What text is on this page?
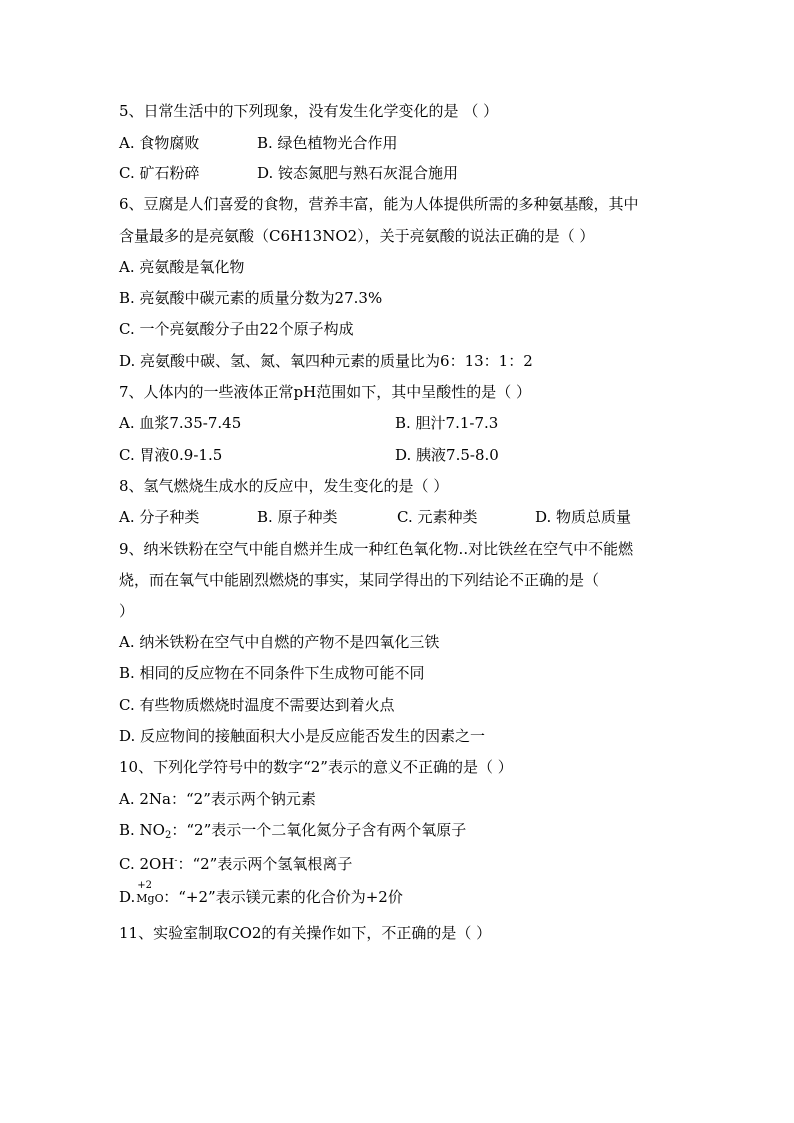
5、日常生活中的下列现象，没有发生化学变化的是 （ ）
A. 食物腐败	B. 绿色植物光合作用
C. 矿石粉碎	D. 铵态氮肥与熟石灰混合施用
6、豆腐是人们喜爱的食物，营养丰富，能为人体提供所需的多种氨基酸，其中
含量最多的是亮氨酸（C6H13NO2），关于亮氨酸的说法正确的是（ ）
A. 亮氨酸是氧化物
B. 亮氨酸中碳元素的质量分数为27.3%
C. 一个亮氨酸分子由22个原子构成
D. 亮氨酸中碳、氢、氮、氧四种元素的质量比为6：13：1：2
7、人体内的一些液体正常pH范围如下，其中呈酸性的是（ ）
A. 血浆7.35-7.45	B. 胆汁7.1-7.3
C. 胃液0.9-1.5	D. 胰液7.5-8.0
8、氢气燃烧生成水的反应中，发生变化的是（ ）
A. 分子种类	B. 原子种类	C. 元素种类	D. 物质总质量
9、纳米铁粉在空气中能自燃并生成一种红色氧化物..对比铁丝在空气中不能燃
烧，而在氧气中能剧烈燃烧的事实，某同学得出的下列结论不正确的是（
）
A. 纳米铁粉在空气中自燃的产物不是四氧化三铁
B. 相同的反应物在不同条件下生成物可能不同
C. 有些物质燃烧时温度不需要达到着火点
D. 反应物间的接触面积大小是反应能否发生的因素之一
10、下列化学符号中的数字“2”表示的意义不正确的是（ ）
A. 2Na：“2”表示两个钠元素
B. $NO_2$：“2”表示一个二氧化氮分子含有两个氧原子
C. 2OH-：“2”表示两个氢氧根离子
D.
+2
MgO ：“+2”表示镁元素的化合价为+2价
11、实验室制取CO2的有关操作如下，不正确的是（ ）
